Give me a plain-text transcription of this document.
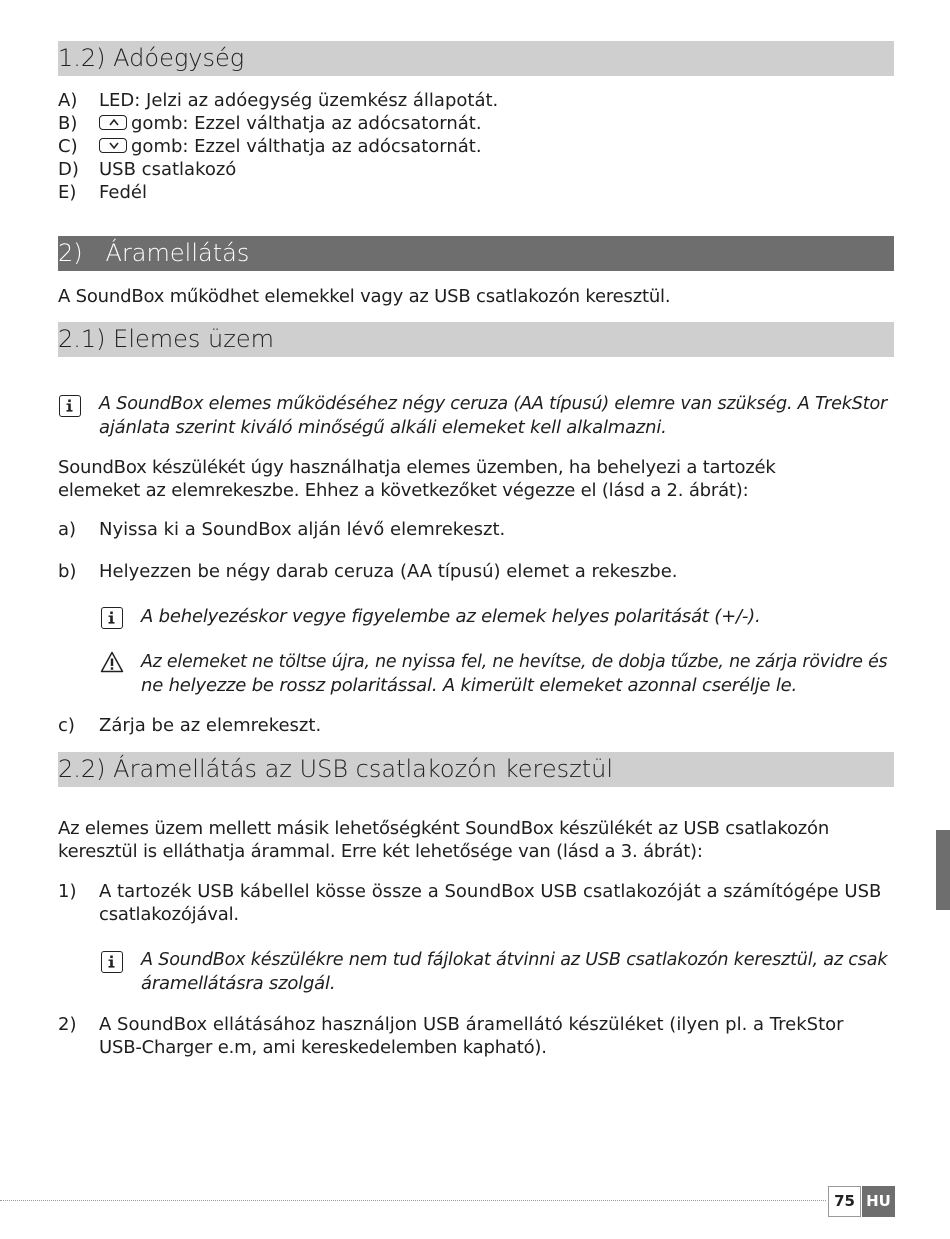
1.2) Adóegység
A)	LED: Jelzi az adóegység üzemkész állapotát.
B)	gomb: Ezzel válthatja az adócsatornát.
C)	gomb: Ezzel válthatja az adócsatornát.
D)	USB csatlakozó
E)	Fedél
2)   Áramellátás
A SoundBox működhet elemekkel vagy az USB csatlakozón keresztül.
2.1) Elemes üzem
A SoundBox elemes működéséhez négy ceruza (AA típusú) elemre van szükség. A TrekStor
ajánlata szerint kiváló minőségű alkáli elemeket kell alkalmazni.
SoundBox készülékét úgy használhatja elemes üzemben, ha behelyezi a tartozék
elemeket az elemrekeszbe. Ehhez a következőket végezze el (lásd a 2. ábrát):
a)	Nyissa ki a SoundBox alján lévő elemrekeszt.
b)	Helyezzen be négy darab ceruza (AA típusú) elemet a rekeszbe.
A behelyezéskor vegye figyelembe az elemek helyes polaritását (+/-).
Az elemeket ne töltse újra, ne nyissa fel, ne hevítse, de dobja tűzbe, ne zárja rövidre és
ne helyezze be rossz polaritással. A kimerült elemeket azonnal cserélje le.
c)	Zárja be az elemrekeszt.
2.2) Áramellátás az USB csatlakozón keresztül
Az elemes üzem mellett másik lehetőségként SoundBox készülékét az USB csatlakozón
keresztül is elláthatja árammal. Erre két lehetősége van (lásd a 3. ábrát):
1)	A tartozék USB kábellel kösse össze a SoundBox USB csatlakozóját a számítógépe USB
csatlakozójával.
A SoundBox készülékre nem tud fájlokat átvinni az USB csatlakozón keresztül, az csak
áramellátásra szolgál.
2)	A SoundBox ellátásához használjon USB áramellátó készüléket (ilyen pl. a TrekStor
USB-Charger e.m, ami kereskedelemben kapható).
75 HU
